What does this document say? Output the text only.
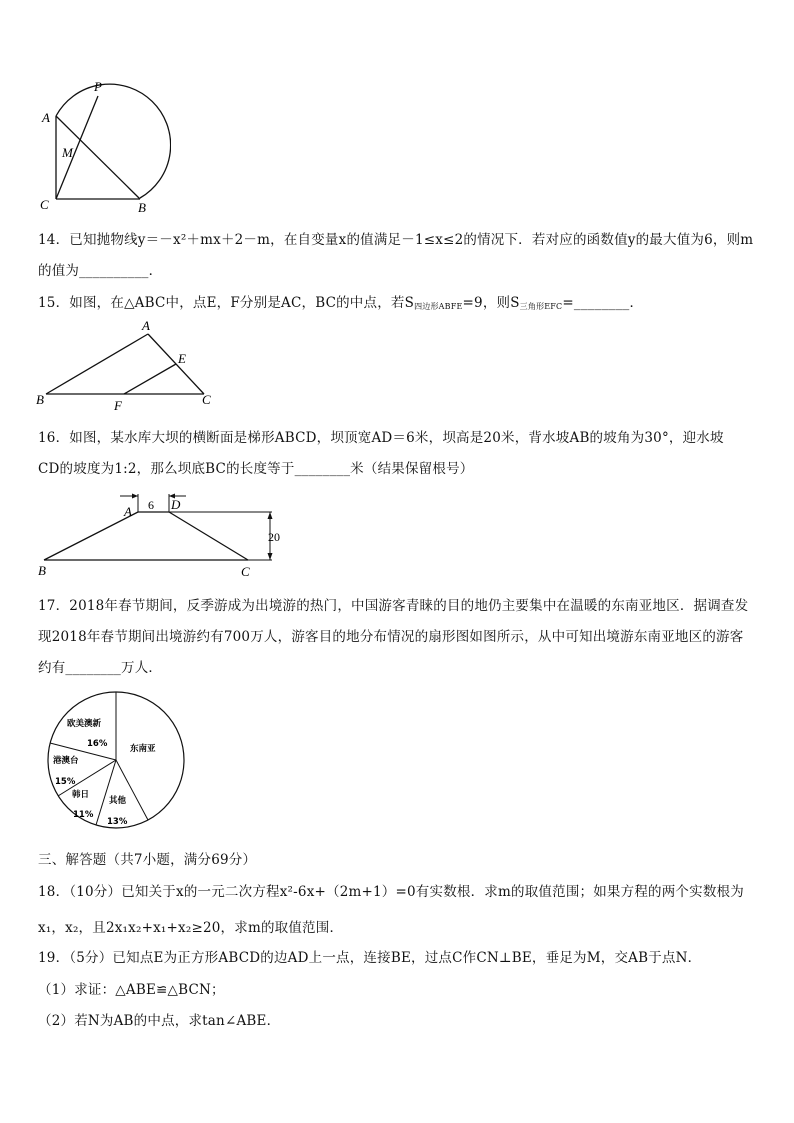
P
A
M
C	B
14．已知抛物线y＝－x²＋mx＋2－m，在自变量x的值满足－1≤x≤2的情况下．若对应的函数值y的最大值为6，则m
的值为__________．
15．如图，在△ABC中，点E，F分别是AC，BC的中点，若$S_{四边形ABFE}=9$，则$S_{三角形EFC}=\_\_\_\_\_\_\_\_$．
A
E
B	F	C
16．如图，某水库大坝的横断面是梯形ABCD，坝顶宽AD＝6米，坝高是20米，背水坡AB的坡角为30°，迎水坡
CD的坡度为1:2，那么坝底BC的长度等于________米（结果保留根号）
6
20
A	D
B	C
17．2018年春节期间，反季游成为出境游的热门，中国游客青睐的目的地仍主要集中在温暖的东南亚地区．据调查发
现2018年春节期间出境游约有700万人，游客目的地分布情况的扇形图如图所示，从中可知出境游东南亚地区的游客
约有________万人．
欧美澳新
16%
港澳台
15%
韩日
11%
其他
13%
东南亚
三、解答题（共7小题，满分69分）
18．（10分）已知关于x的一元二次方程x²-6x+（2m+1）=0有实数根．求m的取值范围；如果方程的两个实数根为
x₁，x₂，且2x₁x₂+x₁+x₂≥20，求m的取值范围．
19．（5分）已知点E为正方形ABCD的边AD上一点，连接BE，过点C作CN⊥BE，垂足为M，交AB于点N．
（1）求证：△ABE≌△BCN；
（2）若N为AB的中点，求tan∠ABE．
